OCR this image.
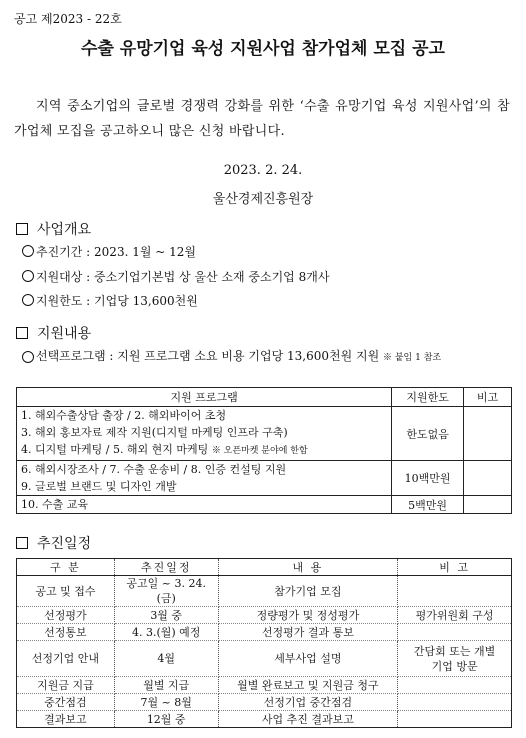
공고 제2023 - 22호
수출 유망기업 육성 지원사업 참가업체 모집 공고
지역 중소기업의 글로벌 경쟁력 강화를 위한 ‘수출 유망기업 육성 지원사업’의 참가업체 모집을 공고하오니 많은 신청 바랍니다.
2023. 2. 24.
울산경제진흥원장
사업개요
추진기간 : 2023. 1월 ~ 12월
지원대상 : 중소기업기본법 상 울산 소재 중소기업 8개사
지원한도 : 기업당 13,600천원
지원내용
선택프로그램 : 지원 프로그램 소요 비용 기업당 13,600천원 지원 ※ 붙임 1 참조
지원 프로그램	지원한도	비고

1. 해외수출상담 출장 / 2. 해외바이어 초청
3. 해외 홍보자료 제작 지원(디지털 마케팅 인프라 구축)
4. 디지털 마케팅 / 5. 해외 현지 마케팅 ※ 오픈마켓 분야에 한함	한도없음	

6. 해외시장조사 / 7. 수출 운송비 / 8. 인증 컨설팅 지원
9. 글로벌 브랜드 및 디자인 개발	10백만원	

10. 수출 교육	5백만원	
추진일정
구 분	추진일정	내 용	비 고
공고 및 접수	공고일 ~ 3. 24.(금)	참가기업 모집	
선정평가	3월 중	정량평가 및 정성평가	평가위원회 구성
선정통보	4. 3.(월) 예정	선정평가 결과 통보	
선정기업 안내	4월	세부사업 설명	간담회 또는 개별기업 방문
지원금 지급	월별 지급	월별 완료보고 및 지원금 청구	
중간점검	7월 ~ 8월	선정기업 중간점검	
결과보고	12월 중	사업 추진 결과보고	
